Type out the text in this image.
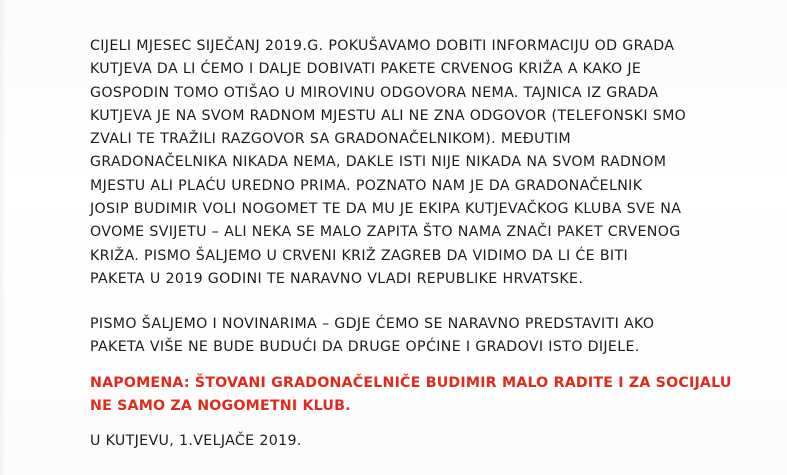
CIJELI MJESEC SIJEČANJ 2019.G. POKUŠAVAMO DOBITI INFORMACIJU OD GRADA
KUTJEVA DA LI ĆEMO I DALJE DOBIVATI PAKETE CRVENOG KRIŽA A KAKO JE
GOSPODIN TOMO OTIŠAO U MIROVINU ODGOVORA NEMA. TAJNICA IZ GRADA
KUTJEVA JE NA SVOM RADNOM MJESTU ALI NE ZNA ODGOVOR (TELEFONSKI SMO
ZVALI TE TRAŽILI RAZGOVOR SA GRADONAČELNIKOM). MEĐUTIM
GRADONAČELNIKA NIKADA NEMA, DAKLE ISTI NIJE NIKADA NA SVOM RADNOM
MJESTU ALI PLAĆU UREDNO PRIMA. POZNATO NAM JE DA GRADONAČELNIK
JOSIP BUDIMIR VOLI NOGOMET TE DA MU JE EKIPA KUTJEVAČKOG KLUBA SVE NA
OVOME SVIJETU – ALI NEKA SE MALO ZAPITA ŠTO NAMA ZNAČI PAKET CRVENOG
KRIŽA. PISMO ŠALJEMO U CRVENI KRIŽ ZAGREB DA VIDIMO DA LI ĆE BITI
PAKETA U 2019 GODINI TE NARAVNO VLADI REPUBLIKE HRVATSKE.
PISMO ŠALJEMO I NOVINARIMA – GDJE ĆEMO SE NARAVNO PREDSTAVITI AKO
PAKETA VIŠE NE BUDE BUDUĆI DA DRUGE OPĆINE I GRADOVI ISTO DIJELE.
NAPOMENA: ŠTOVANI GRADONAČELNIČE BUDIMIR MALO RADITE I ZA SOCIJALU
NE SAMO ZA NOGOMETNI KLUB.
U KUTJEVU, 1.VELJAČE 2019.
